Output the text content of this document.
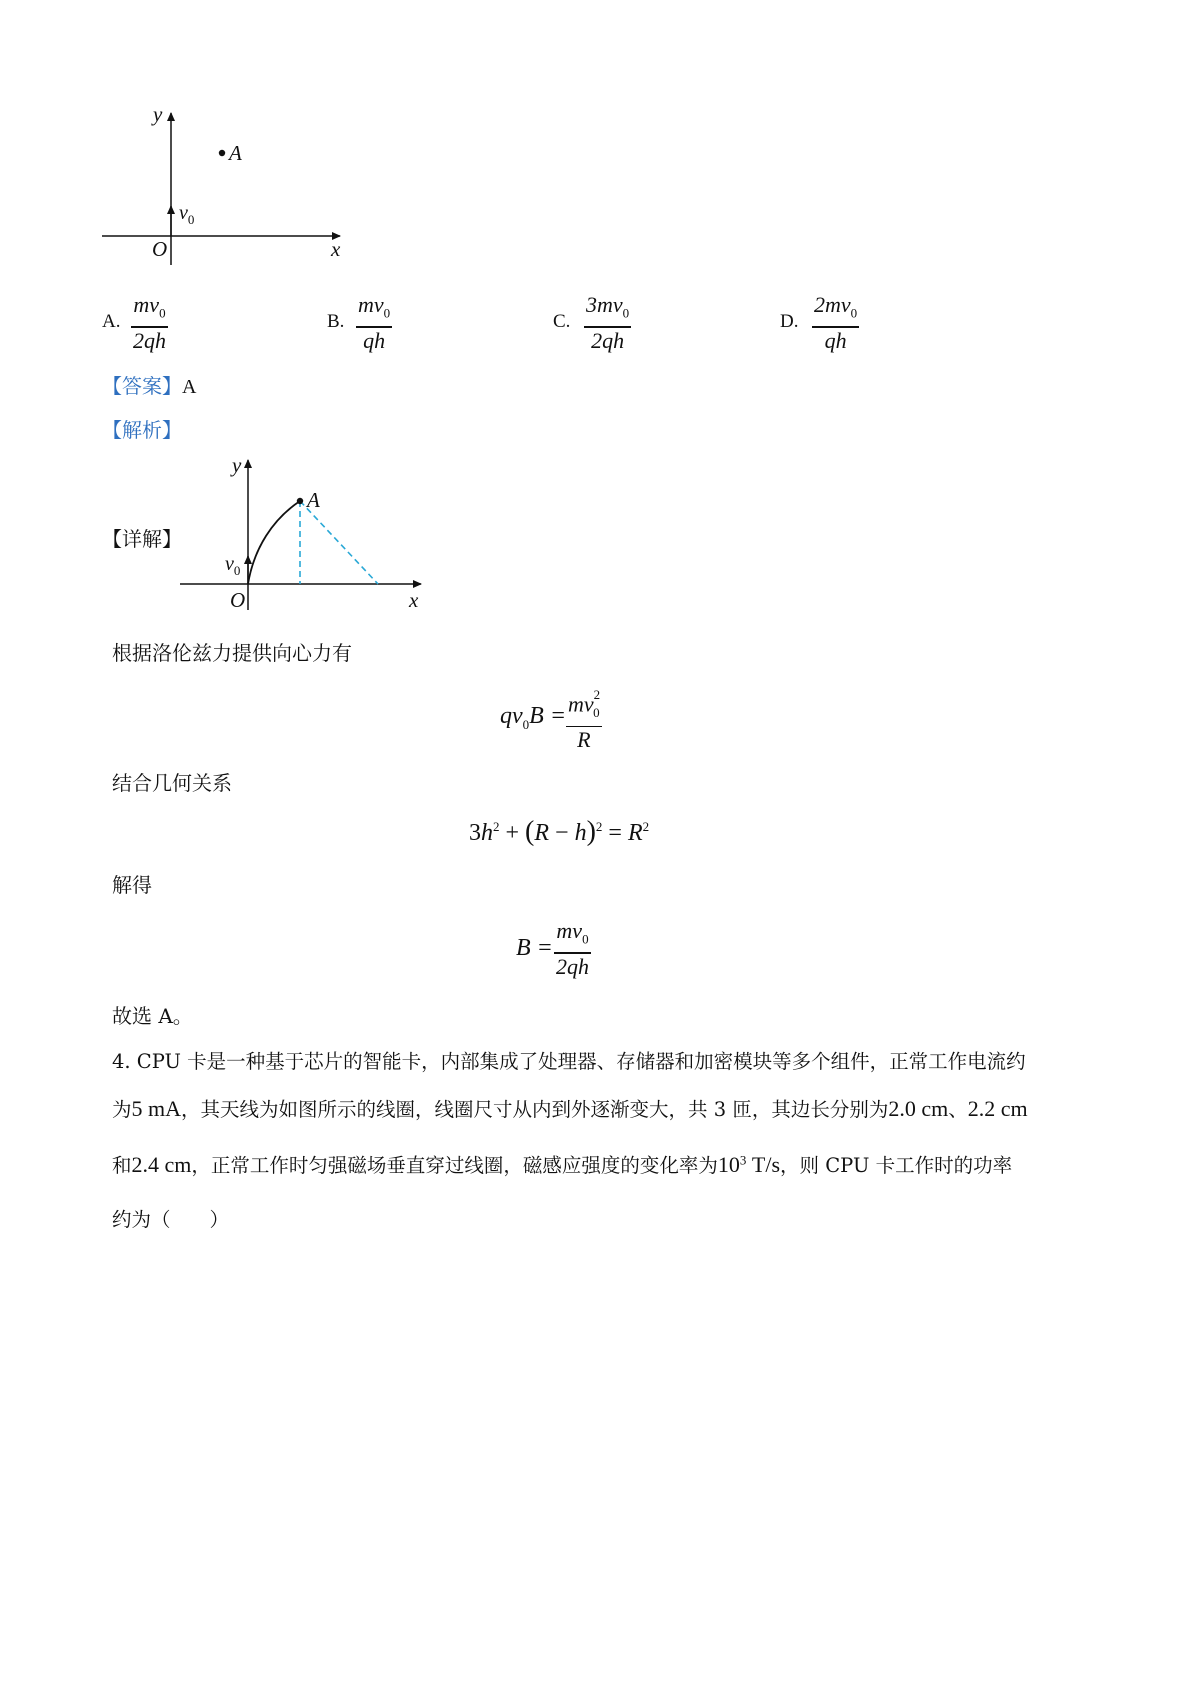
y
A
$v_0$
O	x
A.
$mv_0$
2qh
B.
$mv_0$
qh
C.
$3mv_0$
2qh
D.
$2mv_0$
qh
【答案】A
【解析】
【详解】
y
A
$v_0$
O	x
根据洛伦兹力提供向心力有
$qv_0B = mv^2_0$
R
结合几何关系
$3h^2 + (R - h)^2 = R^2$
解得
B =
$mv_0$
2qh
故选 A。
4. CPU 卡是一种基于芯片的智能卡，内部集成了处理器、存储器和加密模块等多个组件，正常工作电流约
为5 mA，其天线为如图所示的线圈，线圈尺寸从内到外逐渐变大，共 3 匝，其边长分别为2.0 cm、2.2 cm
和2.4 cm，正常工作时匀强磁场垂直穿过线圈，磁感应强度的变化率为$10^3$ T/s，则 CPU 卡工作时的功率
约为（　　）
